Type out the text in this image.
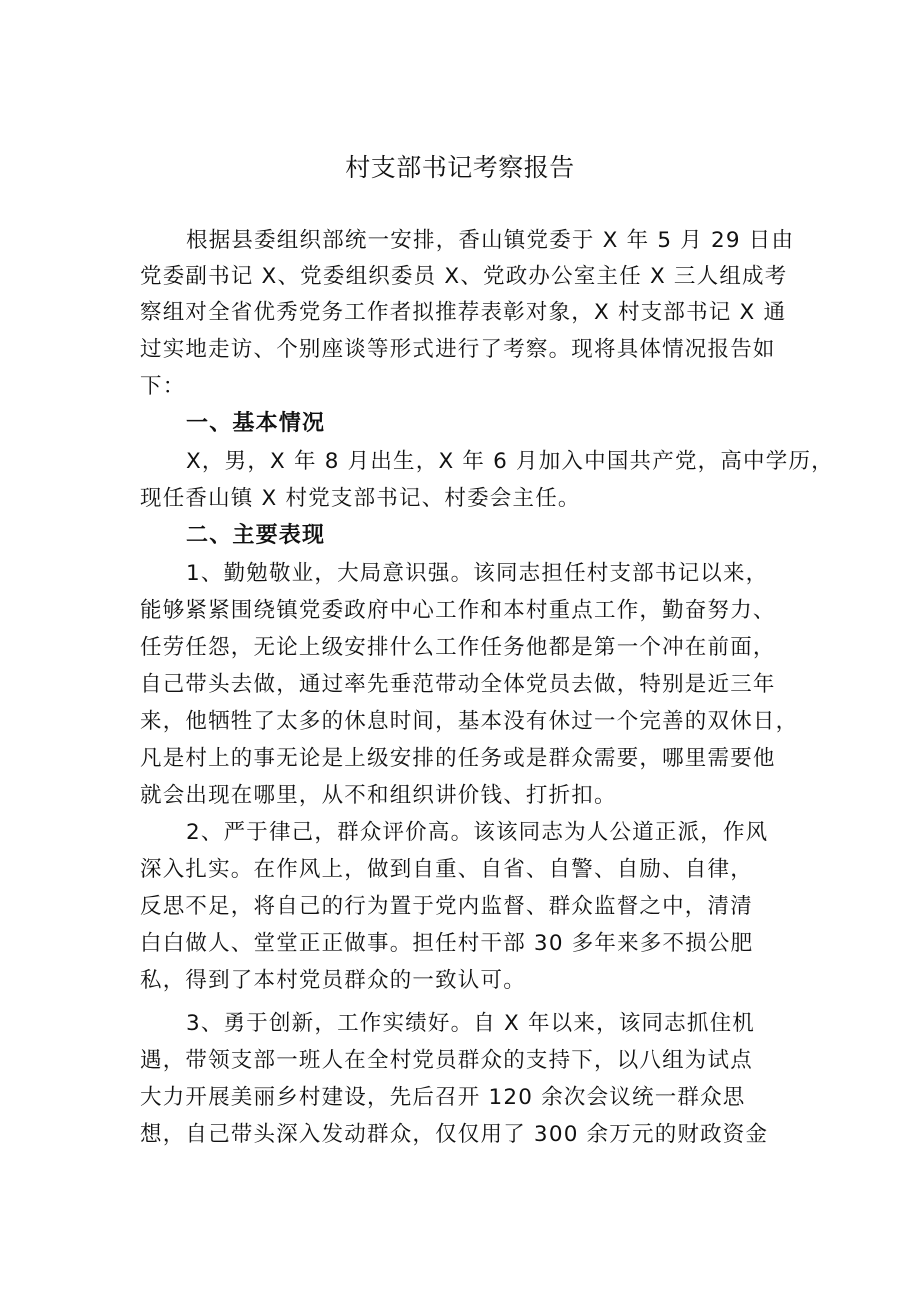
村支部书记考察报告
根据县委组织部统一安排，香山镇党委于 X 年 5 月 29 日由
党委副书记 X、党委组织委员 X、党政办公室主任 X 三人组成考
察组对全省优秀党务工作者拟推荐表彰对象，X 村支部书记 X 通
过实地走访、个别座谈等形式进行了考察。现将具体情况报告如
下：
一、基本情况
X，男，X 年 8 月出生，X 年 6 月加入中国共产党，高中学历，
现任香山镇 X 村党支部书记、村委会主任。
二、主要表现
1、勤勉敬业，大局意识强。该同志担任村支部书记以来，
能够紧紧围绕镇党委政府中心工作和本村重点工作，勤奋努力、
任劳任怨，无论上级安排什么工作任务他都是第一个冲在前面，
自己带头去做，通过率先垂范带动全体党员去做，特别是近三年
来，他牺牲了太多的休息时间，基本没有休过一个完善的双休日，
凡是村上的事无论是上级安排的任务或是群众需要，哪里需要他
就会出现在哪里，从不和组织讲价钱、打折扣。
2、严于律己，群众评价高。该该同志为人公道正派，作风
深入扎实。在作风上，做到自重、自省、自警、自励、自律，
反思不足，将自己的行为置于党内监督、群众监督之中，清清
白白做人、堂堂正正做事。担任村干部 30 多年来多不损公肥
私，得到了本村党员群众的一致认可。
3、勇于创新，工作实绩好。自 X 年以来，该同志抓住机
遇，带领支部一班人在全村党员群众的支持下，以八组为试点
大力开展美丽乡村建设，先后召开 120 余次会议统一群众思
想，自己带头深入发动群众，仅仅用了 300 余万元的财政资金
